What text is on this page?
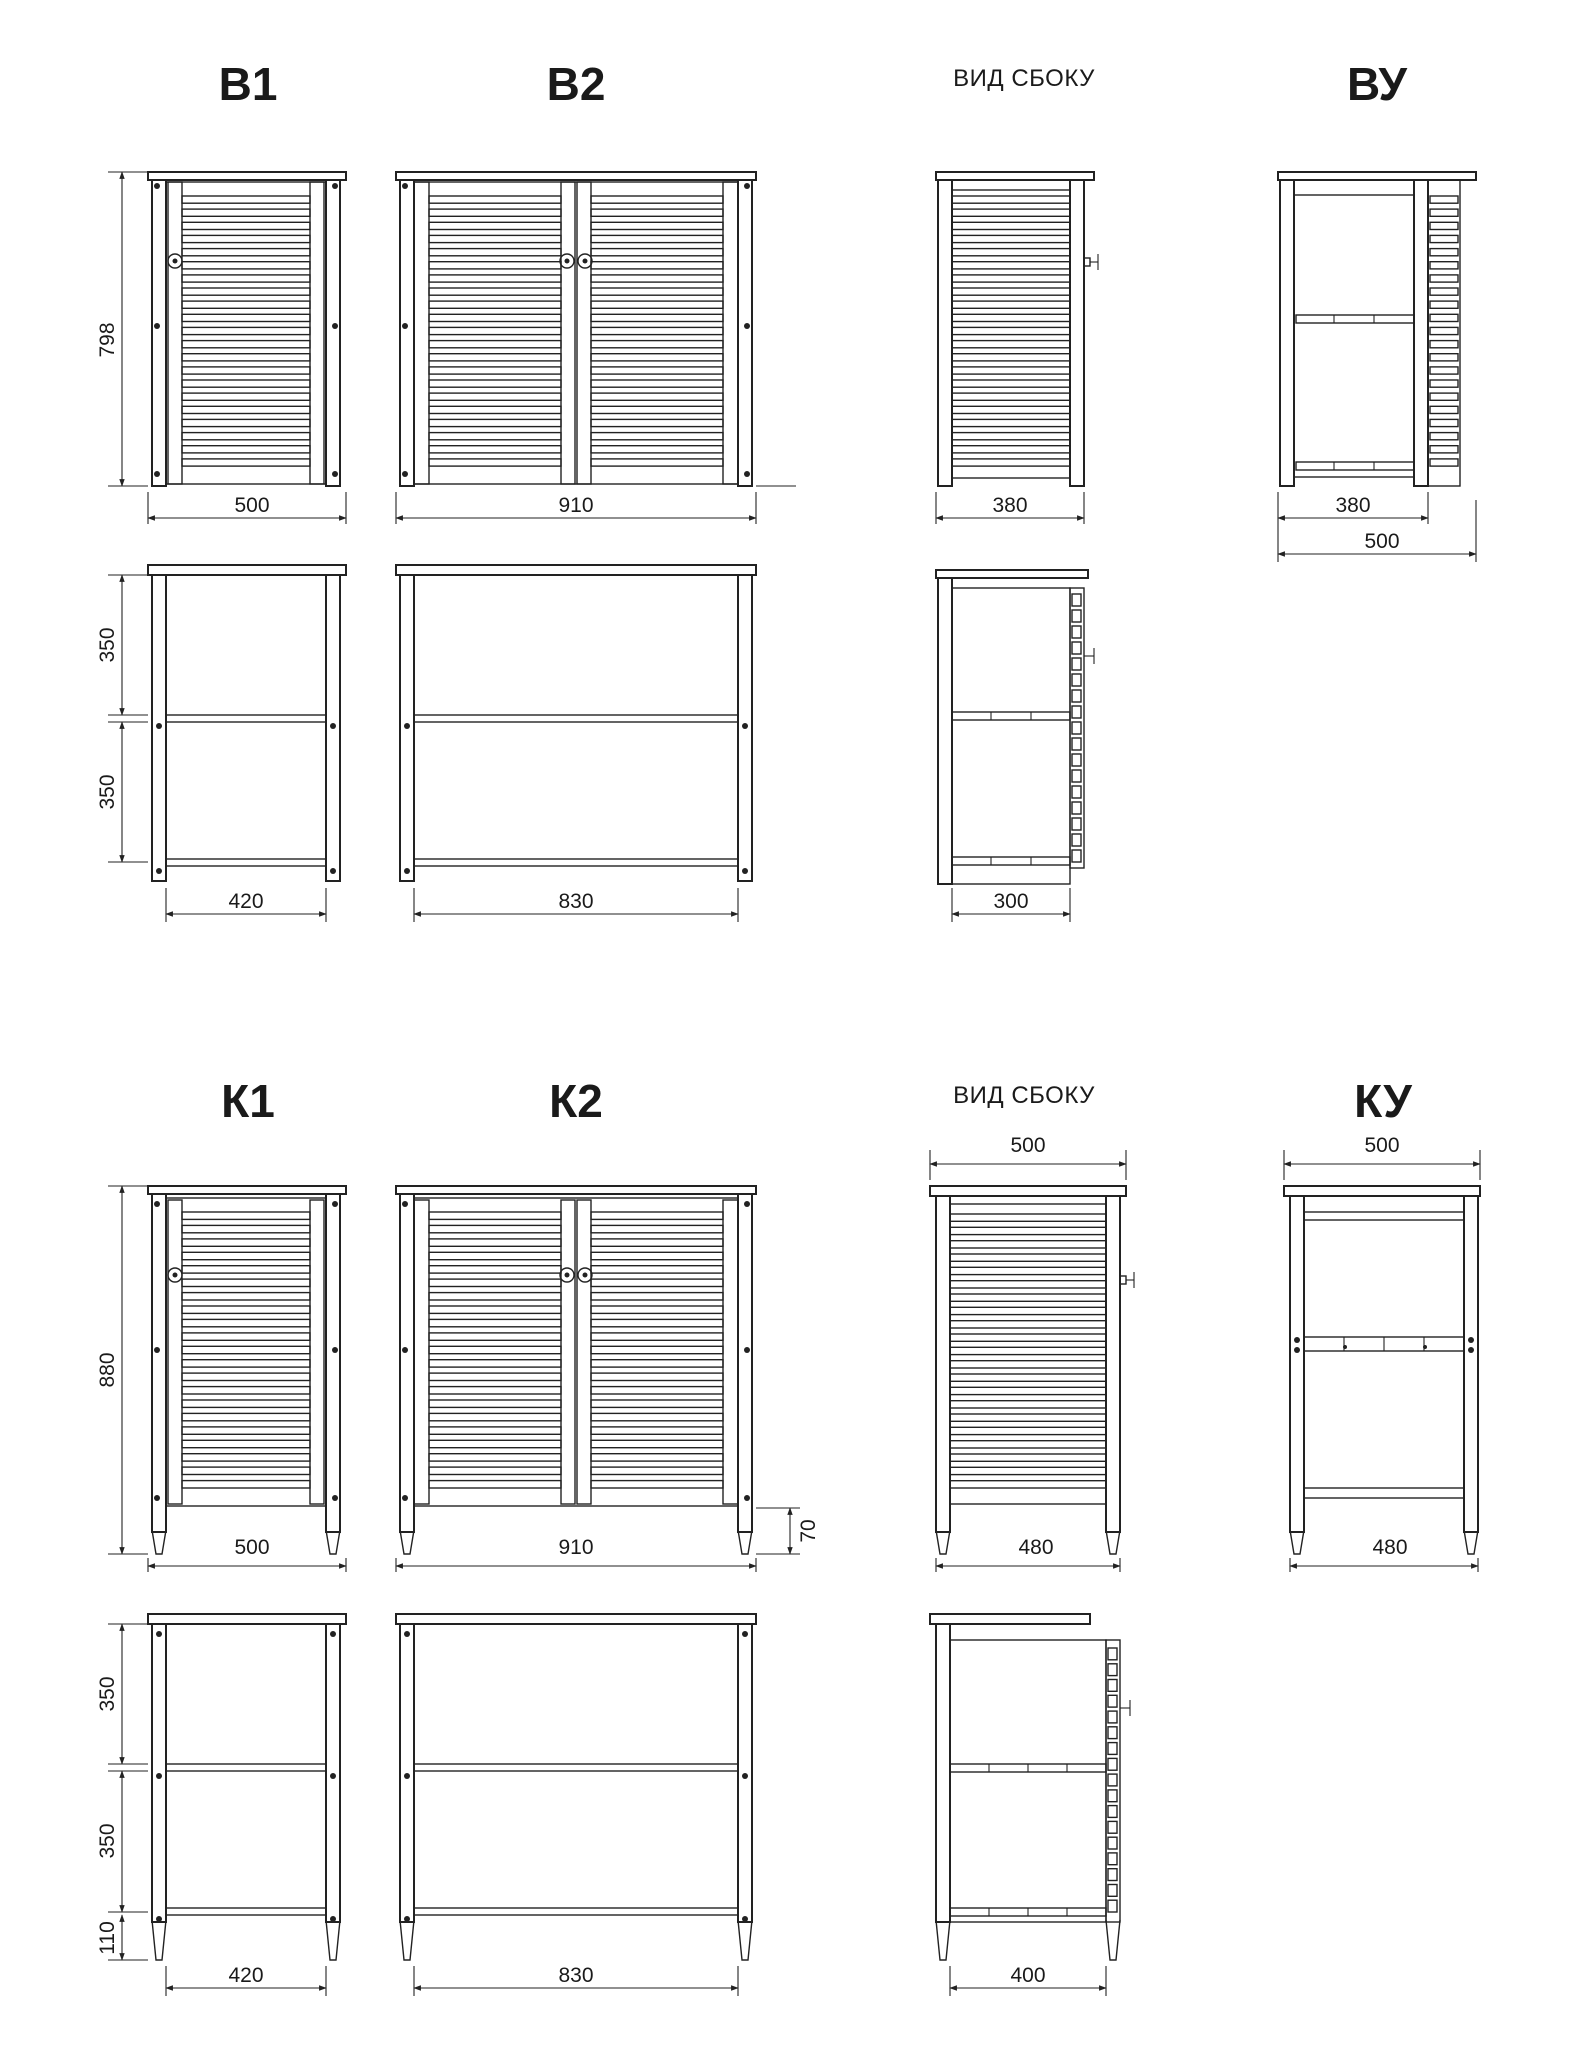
В1	В2	ВИД СБОКУ	ВУ
К1	К2	ВИД СБОКУ	КУ
798
500	910	380	380
500
350
350
420	830	300
880
500	910
70
500
480
500
480
350
350
110
420	830	400
